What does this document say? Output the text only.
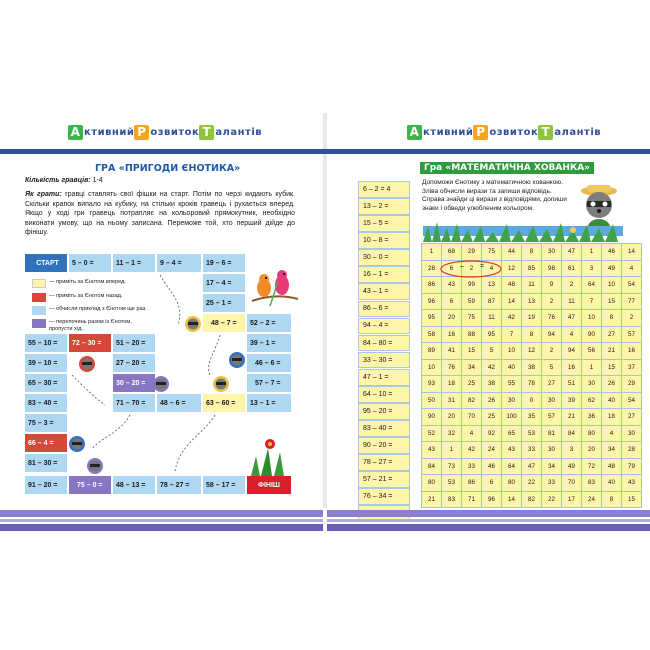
А ктивний Р озвиток Т алантів
ГРА «ПРИГОДИ ЄНОТИКА»
Кількість гравців: 1-4
Як грати: гравці ставлять свої фішки на старт. Потім по черзі кидають кубик. Скільки крапок випало на кубику, на стільки кроків гравець і рухається вперед. Якщо у ході гри гравець потрапляє на кольоровий прямокутник, необхідно виконати умову, що на ньому записана. Переможе той, хто перший дійде до фінішу.
СТАРТ	5 – 0 =	11 – 1 =	9 – 4 =	19 – 6 =
17 – 4 =
25 – 1 =
48 – 7 =	52 – 2 =
39 – 1 =
46 – 6 =
57 – 7 =
13 – 1 =
63 – 60 =
48 – 6 =
71 – 70 =
30 – 20 =
27 – 20 =
51 – 20 =
72 – 30 =
55 – 10 =
39 – 10 =
65 – 30 =
83 – 40 =
75 – 3 =
66 – 4 =
81 – 30 =
91 – 20 =	75 – 0 =	48 – 13 =	78 – 27 =	58 – 17 =	ФІНІШ
— приміть за Єнотом вперед.
— приміть за Єнотом назад.
— обчисли приклад з Єнотом ще раз.
— перепочинь разом із Єнотом, пропусти хід.
А ктивний Р озвиток Т алантів
Гра «МАТЕМАТИЧНА ХОВАНКА»
Допоможи Єнотику з математичною хованкою. Зліва обчисли вирази та запиши відповідь. Справа знайди ці вирази з відповідями, допиши знаки і обведи улюбленим кольором.
6 – 2 = 4
13 – 2 =
15 – 5 =
10 – 8 =
30 – 0 =
16 – 1 =
43 – 1 =
86 – 6 =
94 – 4 =
84 – 80 =
33 – 30 =
47 – 1 =
64 – 10 =
95 – 20 =
83 – 40 =
90 – 20 =
78 – 27 =
57 – 21 =
76 – 34 =
1	68	29	75	44	8	30	47	1	46	14
28	6	2	4	12	85	98	61	3	49	4
86	43	99	13	48	11	9	2	64	10	54
96	6	59	87	14	13	2	11	7	15	77
95	20	75	11	42	19	76	47	10	8	2
58	16	88	95	7	8	94	4	90	27	57
89	41	15	5	10	12	2	94	56	21	16
10	76	34	42	40	38	5	16	1	15	37
93	18	25	38	55	78	27	51	30	26	29
50	31	82	26	30	0	30	39	62	40	54
90	20	70	25	100	35	57	21	36	18	27
52	32	4	92	65	53	81	84	80	4	30
43	1	42	24	43	33	30	3	20	34	28
84	73	33	46	64	47	34	49	72	48	79
80	53	86	6	80	22	33	70	83	40	43
21	83	71	96	14	82	22	17	24	8	15
– =
